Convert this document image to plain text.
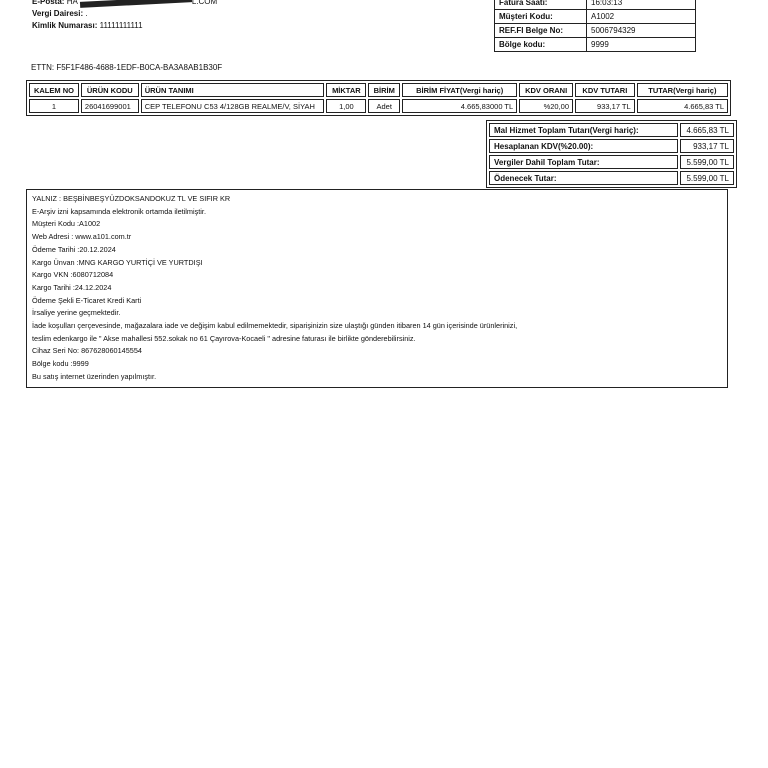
E-Posta: HA	L.COM
Vergi Dairesi: .
Kimlik Numarası: 11111111111
Fatura Saati:	16:03:13
Müşteri Kodu:	A1002
REF.FI Belge No:	5006794329
Bölge kodu:	9999
ETTN: F5F1F486-4688-1EDF-B0CA-BA3A8AB1B30F
KALEM NO	ÜRÜN KODU	ÜRÜN TANIMI	MİKTAR	BİRİM	BİRİM FİYAT(Vergi hariç)	KDV ORANI	KDV TUTARI	TUTAR(Vergi hariç)
1	26041699001	CEP TELEFONU C53 4/128GB REALME/V, SİYAH	1,00	Adet	4.665,83000 TL	%20,00	933,17 TL	4.665,83 TL
Mal Hizmet Toplam Tutarı(Vergi hariç):	4.665,83 TL
Hesaplanan KDV(%20.00):	933,17 TL
Vergiler Dahil Toplam Tutar:	5.599,00 TL
Ödenecek Tutar:	5.599,00 TL
YALNIZ : BEŞBİNBEŞYÜZDOKSANDOKUZ TL VE SIFIR KR
E-Arşiv izni kapsamında elektronik ortamda iletilmiştir.
Müşteri Kodu :A1002
Web Adresi : www.a101.com.tr
Ödeme Tarihi :20.12.2024
Kargo Ünvan :MNG KARGO YURTİÇİ VE YURTDIŞI
Kargo VKN :6080712084
Kargo Tarihi :24.12.2024
Ödeme Şekli E-Ticaret Kredi Karti
İrsaliye yerine geçmektedir.
İade koşulları çerçevesinde, mağazalara iade ve değişim kabul edilmemektedir, siparişinizin size ulaştığı günden itibaren 14 gün içerisinde ürünlerinizi,
teslim edenkargo ile " Akse mahallesi 552.sokak no 61 Çayırova-Kocaeli " adresine faturası ile birlikte gönderebilirsiniz.
Cihaz Seri No: 867628060145554
Bölge kodu :9999
Bu satış internet üzerinden yapılmıştır.
